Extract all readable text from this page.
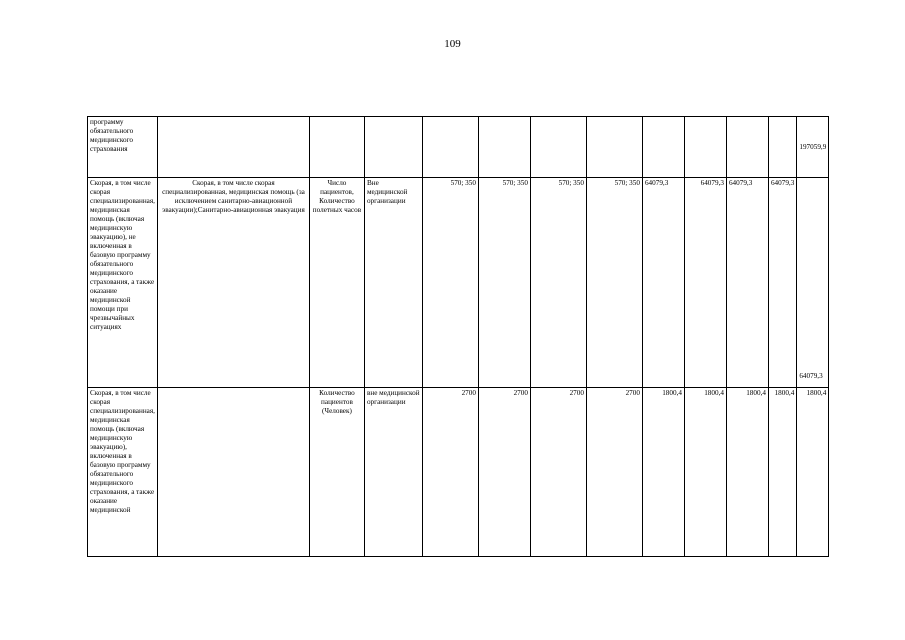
109
программу обязательного медицинского страхования												197059,9
Скорая, в том числе скорая специализированная, медицинская помощь (включая медицинскую эвакуацию), не включенная в базовую программу обязательного медицинского страхования, а также оказание медицинской помощи при чрезвычайных ситуациях	Скорая, в том числе скорая специализированная, медицинская помощь (за исключением санитарно-авиационной эвакуации);Санитарно-авиационная эвакуация	Число пациентов, Количество полетных часов	Вне медицинской организации	570; 350	570; 350	570; 350	570; 350	64079,3	64079,3	64079,3	64079,3	64079,3
Скорая, в том числе скорая специализированная, медицинская помощь (включая медицинскую эвакуацию), включенная в базовую программу обязательного медицинского страхования, а также оказание медицинской		Количество пациентов (Человек)	вне медицинской организации	2700	2700	2700	2700	1800,4	1800,4	1800,4	1800,4	1800,4
